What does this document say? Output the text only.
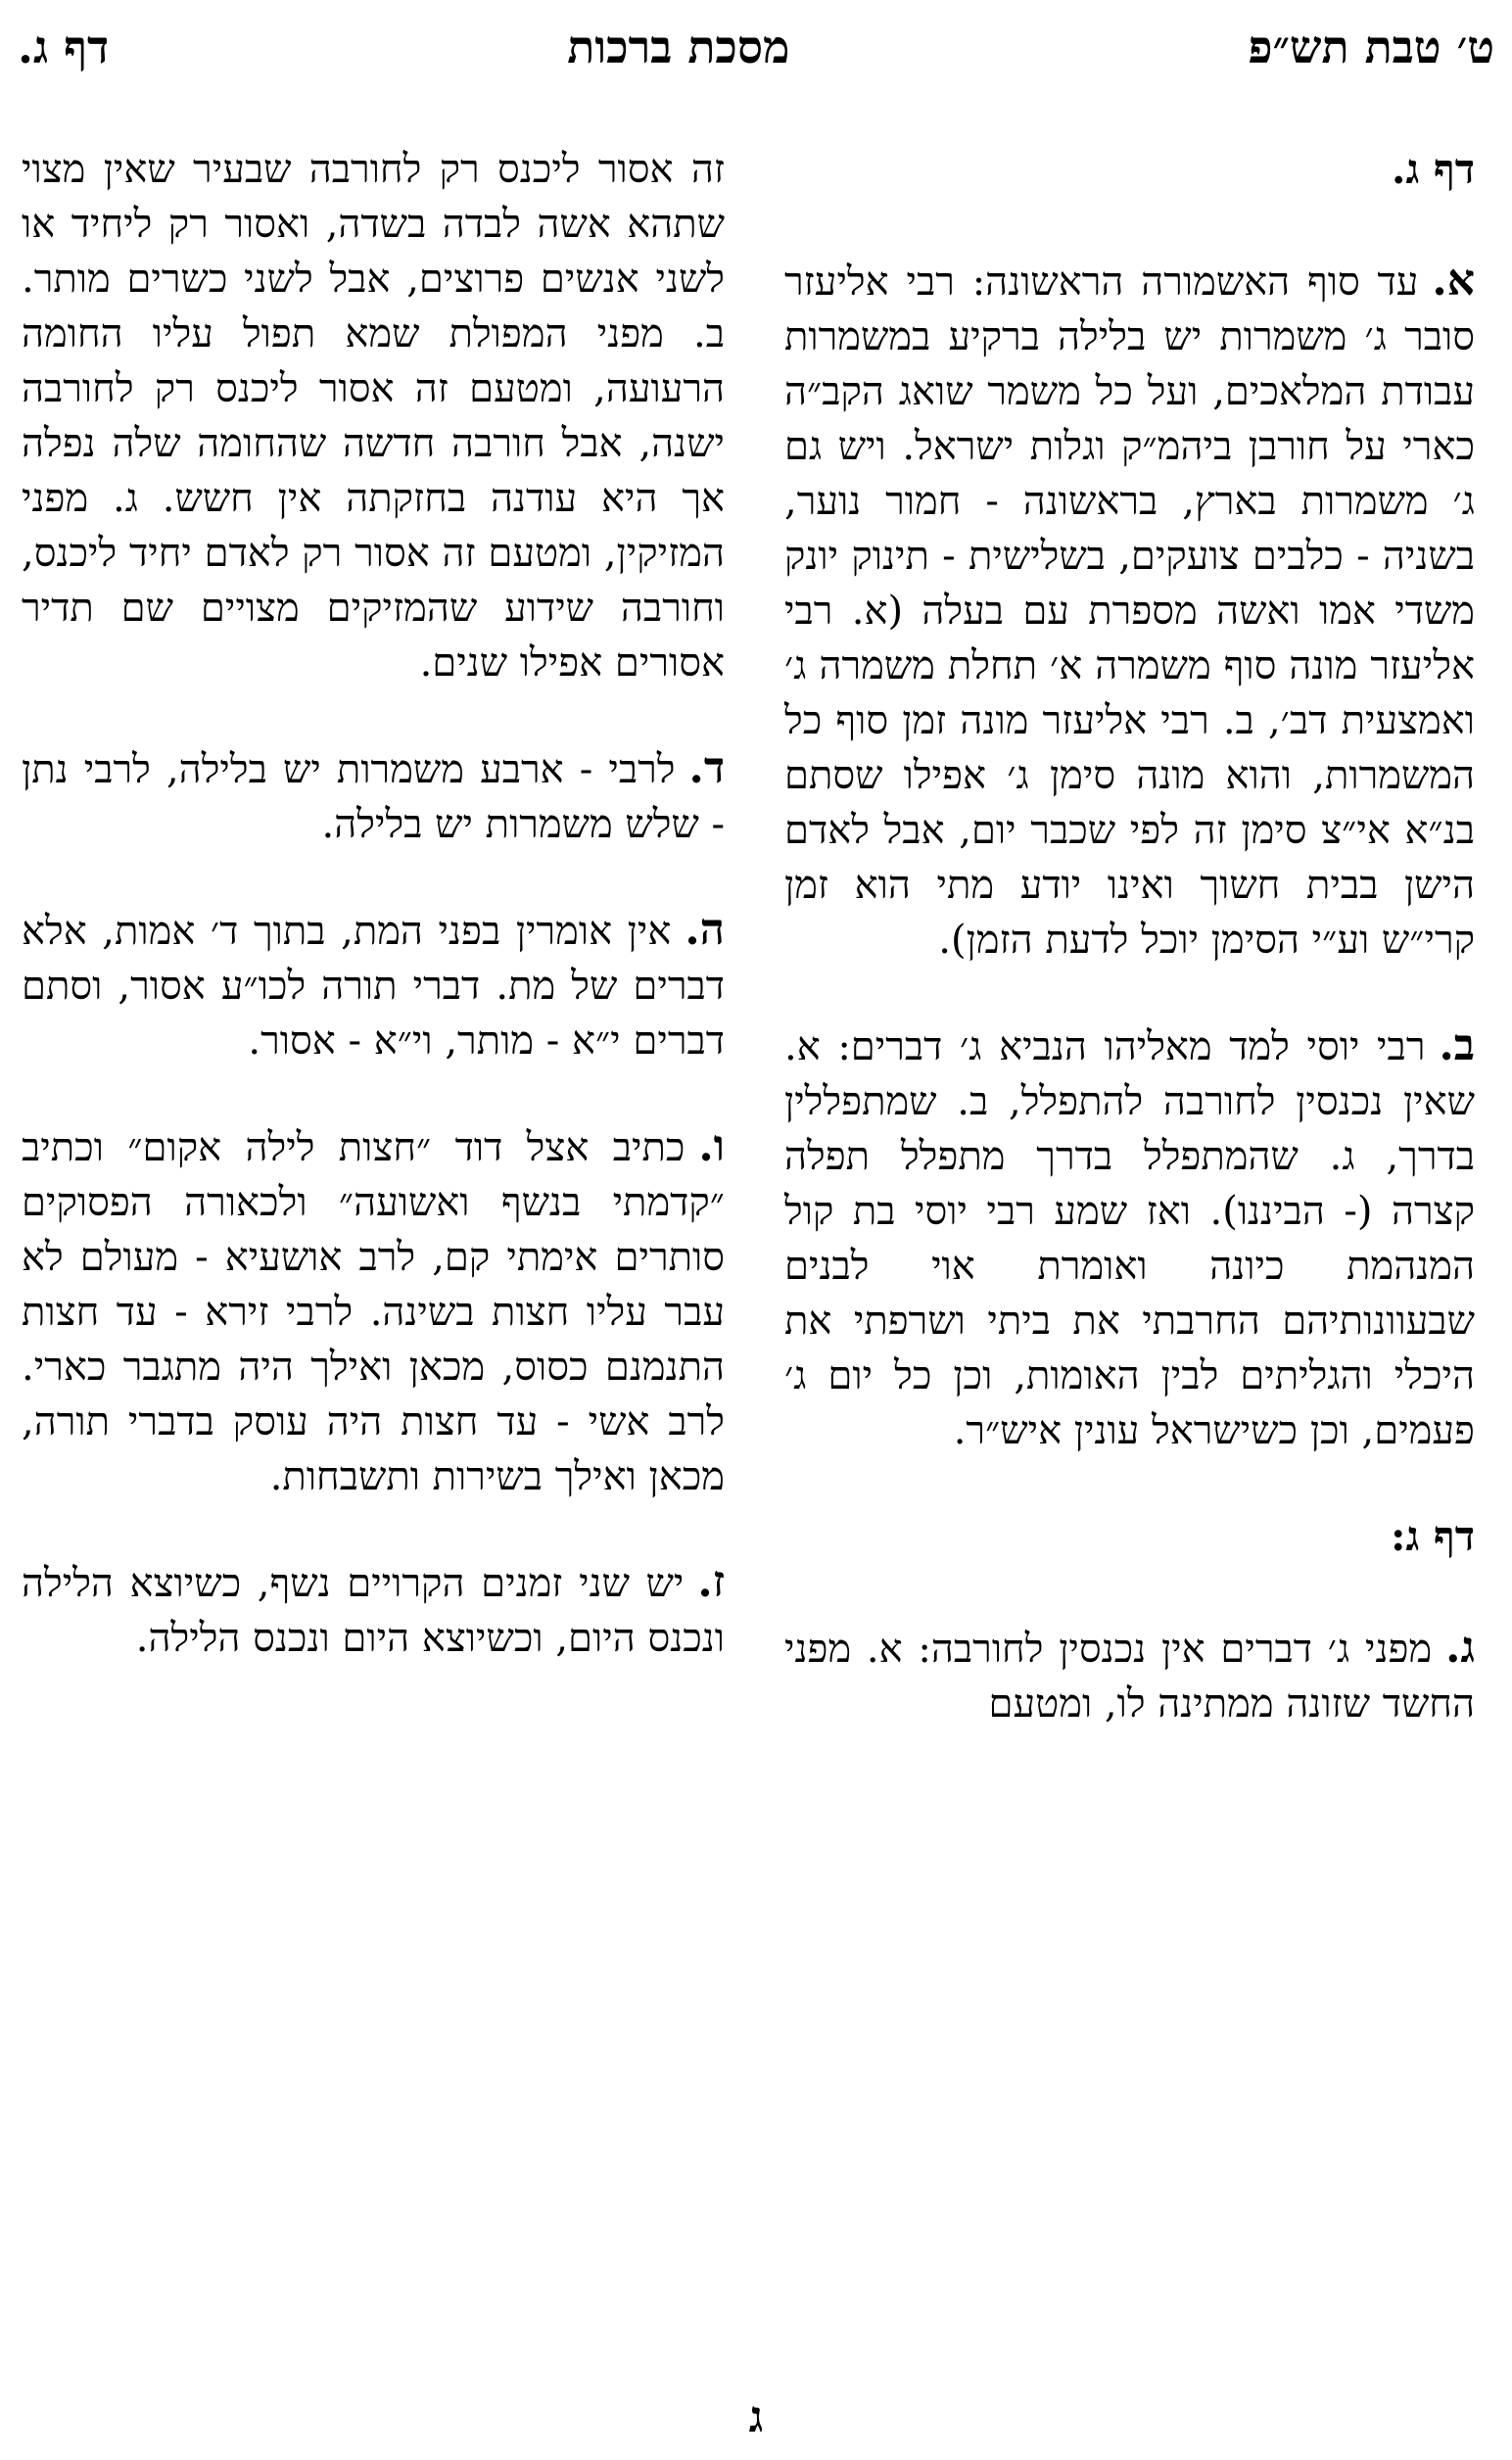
ט׳ טבת תש״פ
מסכת ברכות
דף ג.
דף ג.

א.עד סוף האשמורה הראשונה: רבי אליעזר סובר ג׳ משמרות יש בלילה ברקיע במשמרות עבודת המלאכים, ועל כל משמר שואג הקב״ה כארי על חורבן ביהמ״ק וגלות ישראל. ויש גם ג׳ משמרות בארץ, בראשונה - חמור נוער, בשניה - כלבים צועקים, בשלישית - תינוק יונק משדי אמו ואשה מספרת עם בעלה (א. רבי אליעזר מונה סוף משמרה א׳ תחלת משמרה ג׳ ואמצעית דב׳, ב. רבי אליעזר מונה זמן סוף כל המשמרות, והוא מונה סימן ג׳ אפילו שסתם בנ״א אי״צ סימן זה לפי שכבר יום, אבל לאדם הישן בבית חשוך ואינו יודע מתי הוא זמן קרי״ש וע״י הסימן יוכל לדעת הזמן).

ב.רבי יוסי למד מאליהו הנביא ג׳ דברים: א. שאין נכנסין לחורבה להתפלל, ב. שמתפללין בדרך, ג. שהמתפלל בדרך מתפלל תפלה קצרה (- הביננו). ואז שמע רבי יוסי בת קול המנהמת כיונה ואומרת אוי לבנים שבעוונותיהם החרבתי את ביתי ושרפתי את היכלי והגליתים לבין האומות, וכן כל יום ג׳ פעמים, וכן כשישראל עונין איש״ר.

דף ג:

ג.מפני ג׳ דברים אין נכנסין לחורבה: א. מפני החשד שזונה ממתינה לו, ומטעם

זה אסור ליכנס רק לחורבה שבעיר שאין מצוי שתהא אשה לבדה בשדה, ואסור רק ליחיד או לשני אנשים פרוצים, אבל לשני כשרים מותר. ב. מפני המפולת שמא תפול עליו החומה הרעועה, ומטעם זה אסור ליכנס רק לחורבה ישנה, אבל חורבה חדשה שהחומה שלה נפלה אך היא עודנה בחזקתה אין חשש. ג. מפני המזיקין, ומטעם זה אסור רק לאדם יחיד ליכנס, וחורבה שידוע שהמזיקים מצויים שם תדיר אסורים אפילו שנים.

ד.לרבי - ארבע משמרות יש בלילה, לרבי נתן - שלש משמרות יש בלילה.

ה.אין אומרין בפני המת, בתוך ד׳ אמות, אלא דברים של מת. דברי תורה לכו״ע אסור, וסתם דברים י״א - מותר, וי״א - אסור.

ו.כתיב אצל דוד ״חצות לילה אקום״ וכתיב ״קדמתי בנשף ואשועה״ ולכאורה הפסוקים סותרים אימתי קם, לרב אושעיא - מעולם לא עבר עליו חצות בשינה. לרבי זירא - עד חצות התנמנם כסוס, מכאן ואילך היה מתגבר כארי. לרב אשי - עד חצות היה עוסק בדברי תורה, מכאן ואילך בשירות ותשבחות.

ז.יש שני זמנים הקרויים נשף, כשיוצא הלילה ונכנס היום, וכשיוצא היום ונכנס הלילה.

ג
